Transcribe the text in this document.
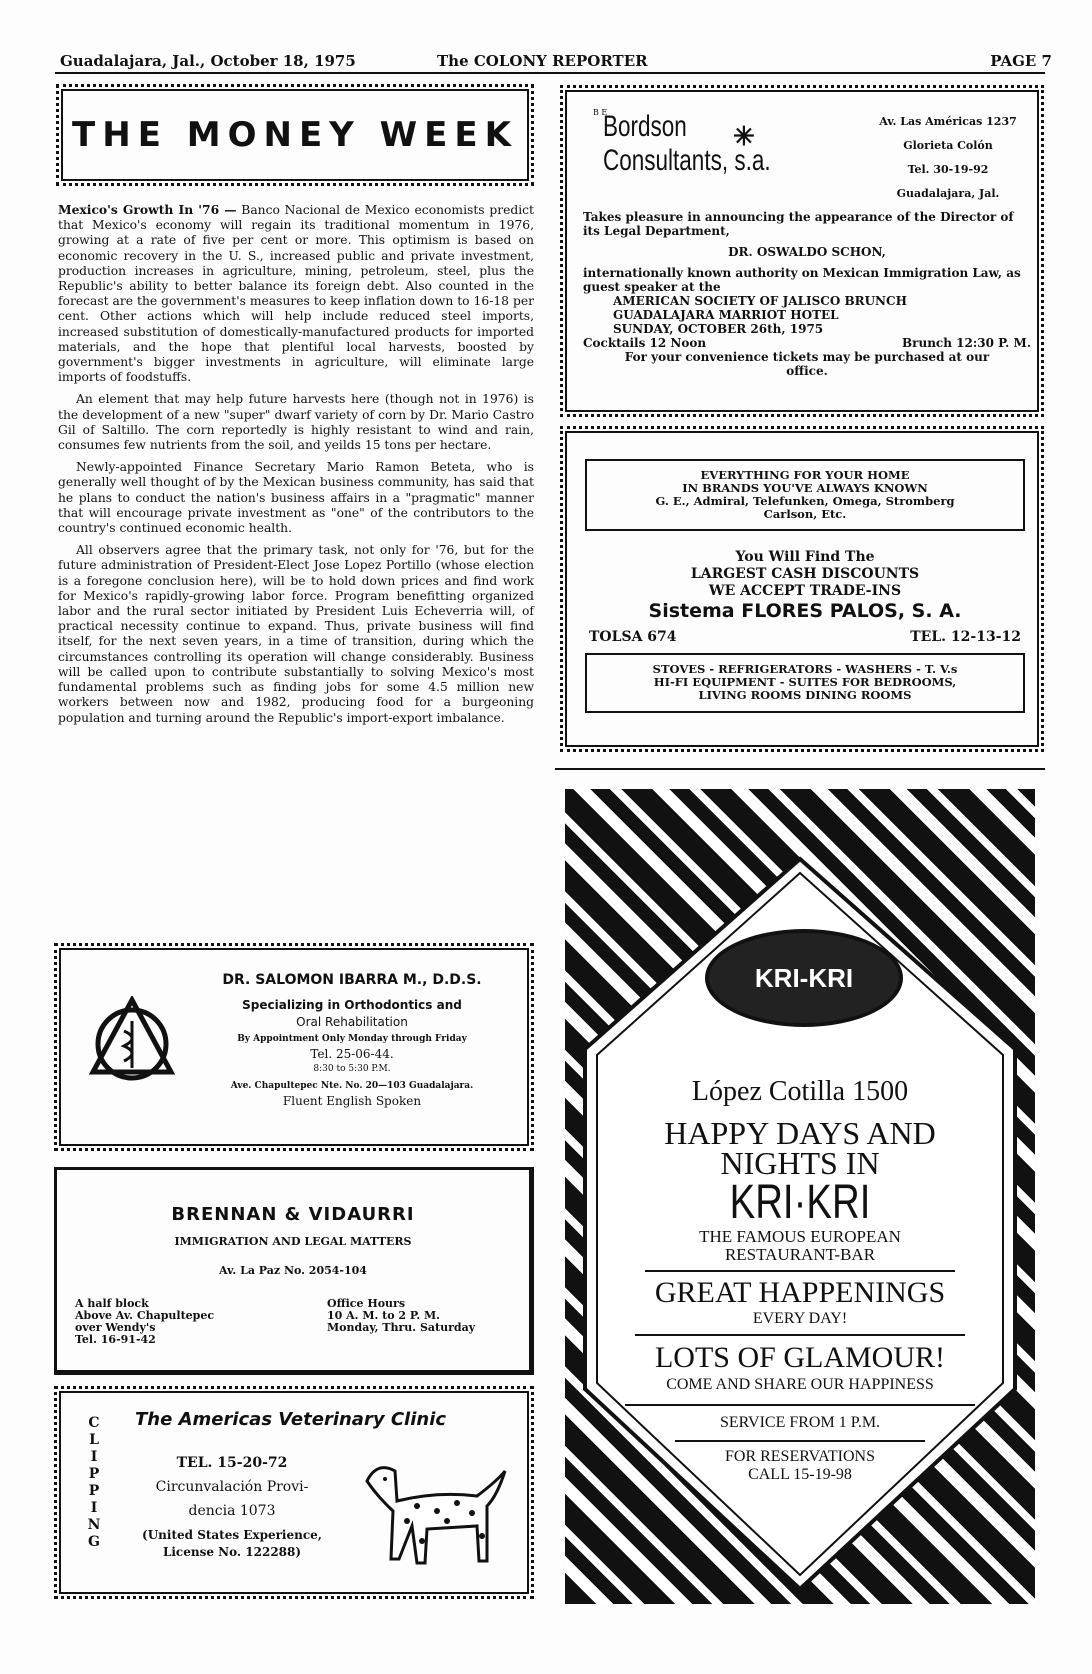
Guadalajara, Jal., October 18, 1975	The COLONY REPORTER	PAGE 7
THE MONEY WEEK

Mexico's Growth In '76 — Banco Nacional de Mexico economists predict that Mexico's economy will regain its traditional momentum in 1976, growing at a rate of five per cent or more. This optimism is based on economic recovery in the U. S., increased public and private investment, production increases in agriculture, mining, petroleum, steel, plus the Republic's ability to better balance its foreign debt. Also counted in the forecast are the government's measures to keep inflation down to 16-18 per cent. Other actions which will help include reduced steel imports, increased substitution of domestically-manufactured products for imported materials, and the hope that plentiful local harvests, boosted by government's bigger investments in agriculture, will eliminate large imports of foodstuffs.

An element that may help future harvests here (though not in 1976) is the development of a new "super" dwarf variety of corn by Dr. Mario Castro Gil of Saltillo. The corn reportedly is highly resistant to wind and rain, consumes few nutrients from the soil, and yeilds 15 tons per hectare.

Newly-appointed Finance Secretary Mario Ramon Beteta, who is generally well thought of by the Mexican business community, has said that he plans to conduct the nation's business affairs in a "pragmatic" manner that will encourage private investment as "one" of the contributors to the country's continued economic health.

All observers agree that the primary task, not only for '76, but for the future administration of President-Elect Jose Lopez Portillo (whose election is a foregone conclusion here), will be to hold down prices and find work for Mexico's rapidly-growing labor force. Program benefitting organized labor and the rural sector initiated by President Luis Echeverria will, of practical necessity continue to expand. Thus, private business will find itself, for the next seven years, in a time of transition, during which the circumstances controlling its operation will change considerably. Business will be called upon to contribute substantially to solving Mexico's most fundamental problems such as finding jobs for some 4.5 million new workers between now and 1982, producing food for a burgeoning population and turning around the Republic's import-export imbalance.

DR. SALOMON IBARRA M., D.D.S.
Specializing in Orthodontics and
Oral Rehabilitation
By Appointment Only Monday through Friday
Tel. 25-06-44.
8:30 to 5:30 P.M.
Ave. Chapultepec Nte. No. 20—103 Guadalajara.
Fluent English Spoken
BRENNAN & VIDAURRI
IMMIGRATION AND LEGAL MATTERS
Av. La Paz No. 2054-104
A half block
Above Av. Chapultepec
over Wendy's
Tel. 16-91-42
Office Hours
10 A. M. to 2 P. M.
Monday, Thru. Saturday
CLIPPING
The Americas Veterinary Clinic
TEL. 15-20-72
Circunvalación Provi-
dencia 1073
(United States Experience,
License No. 122288)
B E
Bordson
Consultants, s.a.
✳
Av. Las Américas 1237
Glorieta Colón
Tel. 30-19-92
Guadalajara, Jal.
Takes pleasure in announcing the appearance of the Director of its Legal Department,
DR. OSWALDO SCHON,
internationally known authority on Mexican Immigration Law, as guest speaker at the
AMERICAN SOCIETY OF JALISCO BRUNCH
GUADALAJARA MARRIOT HOTEL
SUNDAY, OCTOBER 26th, 1975
Cocktails 12 Noon	Brunch 12:30 P. M.
For your convenience tickets may be purchased at our office.
EVERYTHING FOR YOUR HOME
IN BRANDS YOU'VE ALWAYS KNOWN
G. E., Admiral, Telefunken, Omega, Stromberg
Carlson, Etc.
You Will Find The
LARGEST CASH DISCOUNTS
WE ACCEPT TRADE-INS
Sistema FLORES PALOS, S. A.
TOLSA 674	TEL. 12-13-12
STOVES - REFRIGERATORS - WASHERS - T. V.s
HI-FI EQUIPMENT - SUITES FOR BEDROOMS,
LIVING ROOMS DINING ROOMS
KRI-KRI
López Cotilla 1500
HAPPY DAYS AND
NIGHTS IN
KRI·KRI
THE FAMOUS EUROPEAN
RESTAURANT-BAR
GREAT HAPPENINGS
EVERY DAY!
LOTS OF GLAMOUR!
COME AND SHARE OUR HAPPINESS
SERVICE FROM 1 P.M.
FOR RESERVATIONS
CALL 15-19-98
